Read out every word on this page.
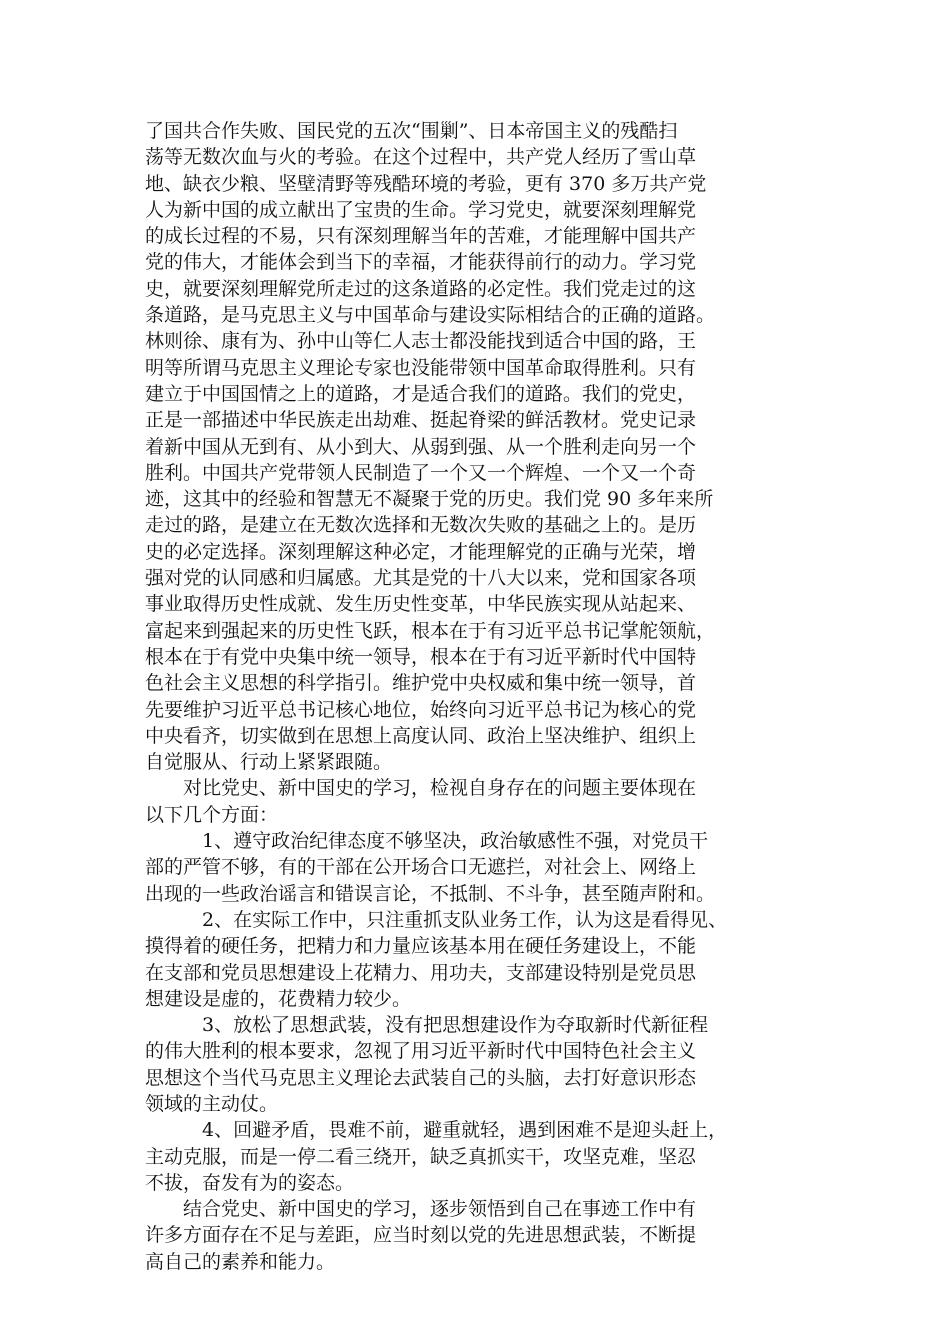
了国共合作失败、国民党的五次“围剿”、日本帝国主义的残酷扫
荡等无数次血与火的考验。在这个过程中，共产党人经历了雪山草
地、缺衣少粮、坚壁清野等残酷环境的考验，更有 370 多万共产党
人为新中国的成立献出了宝贵的生命。学习党史，就要深刻理解党
的成长过程的不易，只有深刻理解当年的苦难，才能理解中国共产
党的伟大，才能体会到当下的幸福，才能获得前行的动力。学习党
史，就要深刻理解党所走过的这条道路的必定性。我们党走过的这
条道路，是马克思主义与中国革命与建设实际相结合的正确的道路。
林则徐、康有为、孙中山等仁人志士都没能找到适合中国的路，王
明等所谓马克思主义理论专家也没能带领中国革命取得胜利。只有
建立于中国国情之上的道路，才是适合我们的道路。我们的党史，
正是一部描述中华民族走出劫难、挺起脊梁的鲜活教材。党史记录
着新中国从无到有、从小到大、从弱到强、从一个胜利走向另一个
胜利。中国共产党带领人民制造了一个又一个辉煌、一个又一个奇
迹，这其中的经验和智慧无不凝聚于党的历史。我们党 90 多年来所
走过的路，是建立在无数次选择和无数次失败的基础之上的。是历
史的必定选择。深刻理解这种必定，才能理解党的正确与光荣，增
强对党的认同感和归属感。尤其是党的十八大以来，党和国家各项
事业取得历史性成就、发生历史性变革，中华民族实现从站起来、
富起来到强起来的历史性飞跃，根本在于有习近平总书记掌舵领航，
根本在于有党中央集中统一领导，根本在于有习近平新时代中国特
色社会主义思想的科学指引。维护党中央权威和集中统一领导，首
先要维护习近平总书记核心地位，始终向习近平总书记为核心的党
中央看齐，切实做到在思想上高度认同、政治上坚决维护、组织上
自觉服从、行动上紧紧跟随。
　　对比党史、新中国史的学习，检视自身存在的问题主要体现在
以下几个方面：
　　　1、遵守政治纪律态度不够坚决，政治敏感性不强，对党员干
部的严管不够，有的干部在公开场合口无遮拦，对社会上、网络上
出现的一些政治谣言和错误言论，不抵制、不斗争，甚至随声附和。
　　　2、在实际工作中，只注重抓支队业务工作，认为这是看得见、
摸得着的硬任务，把精力和力量应该基本用在硬任务建设上，不能
在支部和党员思想建设上花精力、用功夫，支部建设特别是党员思
想建设是虚的，花费精力较少。
　　　3、放松了思想武装，没有把思想建设作为夺取新时代新征程
的伟大胜利的根本要求，忽视了用习近平新时代中国特色社会主义
思想这个当代马克思主义理论去武装自己的头脑，去打好意识形态
领域的主动仗。
　　　4、回避矛盾，畏难不前，避重就轻，遇到困难不是迎头赶上，
主动克服，而是一停二看三绕开，缺乏真抓实干，攻坚克难，坚忍
不拔，奋发有为的姿态。
　　结合党史、新中国史的学习，逐步领悟到自己在事迹工作中有
许多方面存在不足与差距，应当时刻以党的先进思想武装，不断提
高自己的素养和能力。
